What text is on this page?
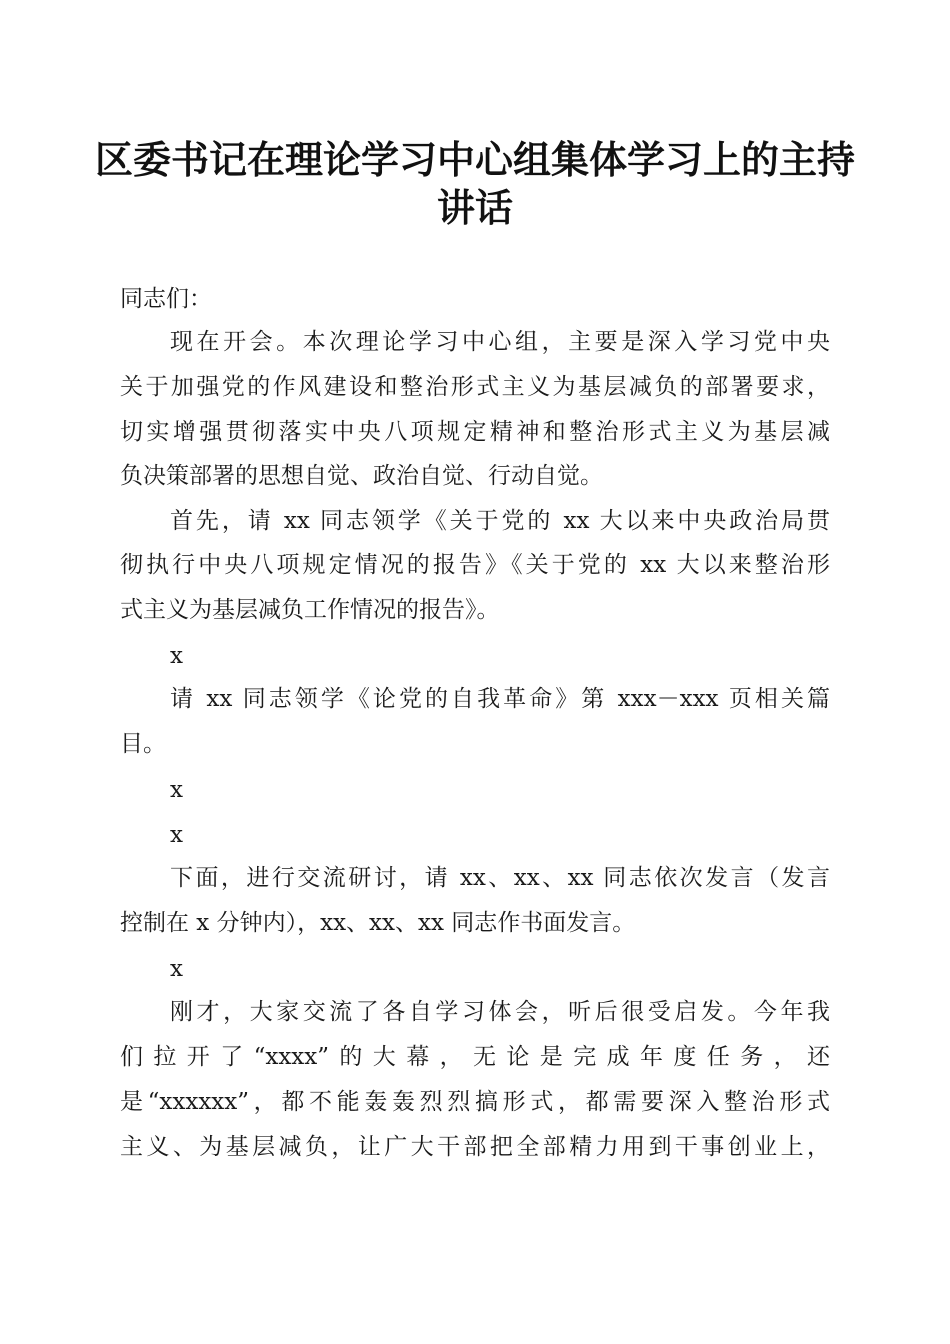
区委书记在理论学习中心组集体学习上的主持
讲话
同志们：
现在开会。本次理论学习中心组，主要是深入学习党中央
关于加强党的作风建设和整治形式主义为基层减负的部署要求，
切实增强贯彻落实中央八项规定精神和整治形式主义为基层减
负决策部署的思想自觉、政治自觉、行动自觉。
首先，请 xx 同志领学《关于党的 xx 大以来中央政治局贯
彻执行中央八项规定情况的报告》《关于党的 xx 大以来整治形
式主义为基层减负工作情况的报告》。
x
请 xx 同志领学《论党的自我革命》第 xxx－xxx 页相关篇
目。
x
x
下面，进行交流研讨，请 xx、xx、xx 同志依次发言（发言
控制在 x 分钟内），xx、xx、xx 同志作书面发言。
x
刚才，大家交流了各自学习体会，听后很受启发。今年我
们拉开了“xxxx”的大幕，无论是完成年度任务，还
是“xxxxxx”，都不能轰轰烈烈搞形式，都需要深入整治形式
主义、为基层减负，让广大干部把全部精力用到干事创业上，
